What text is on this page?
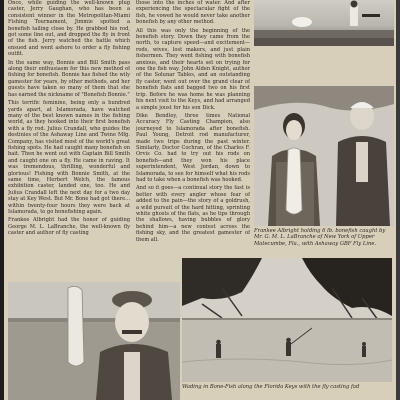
Once, while guiding the well-known plug caster, Jerry Gaughan, who has been a consistent winner in the Metropolitan-Miami Fishing Tournament, Jimmie spotted a bonefish tailing close by. He grabbed his rod, got some line out, and dropped the fly in front of the fish. Jerry watched the battle which ensued and went ashore to order a fly fishing outfit.

In the same way, Bonnie and Bill Smith pass along their enthusiasm for this new method of fishing for bonefish. Bonnie has fished the wily gamester for years, by other methods, and her guests have taken so many of them that she has earned the nickname of "Bonefish Bonnie."

This terrific feminine, being only a hundred yards apart, at Islamorada, have watched many of the best known names in the fishing world, as they hooked into their first bonefish with a fly rod. Julius Crandall, who guides the destinies of the Ashaway Line and Twine Mfg. Company, has visited most of the world's great fishing spots. He had caught many bonefish on bait. Then he went out with Captain Bill Smith and caught one on a fly. He came in raving. It was tremendous, thrilling, wonderful and glorious! Fishing with Bonnie Smith, at the same time, Herbert Welch, the famous exhibition caster, landed one, too. He and Julius Crandall left the next day for a two day stay at Key West. But Mr. Bone had got there... within twenty-four hours they were back at Islamorada, to go bonefishing again.

Frankee Albright had the honor of guiding George M. L. LaBranche, the well-known fly caster and author of fly casting

those into the inches of water. And after experiencing the spectacular fight of the fish, he vowed he would never take another bonefish by any other method.

All this was only the beginning of the bonefish story. Down they came from the north, to capture speed—and excitement—rods, wives, lost makers, and just plain fishermen. They went fishing with bonefish anxious, and their hearts set on trying for one the fish way. John Alden Knight, author of the Solunar Tables, and an outstanding fly caster, went out over the grand clear of bonefish flats and bagged two on his first trip. Before he was home he was planning his next visit to the Keys, and had arranged a simple joust for his son Dick.

Dike Bendley, three times National Accuracy Fly Casting Champion, also journeyed to Islamorada after bonefish. Paul Young, Detroit rod manufacturer, made two trips during the past winter. Similarly, Doctor Cochran, of the Charles F. Orvis Co. had to try out his rods on bonefish—and they won his place superintendent, West Jordan, down to Islamorada, to see for himself what his rods had to take when a bonefish was hooked.

And so it goes—a continual story the fast is better with every angler whose fear of added to the pain—the story of a goldrush, a wild pursuit of the hard hitting, sprinting white ghosts of the flats, as he tips through the shallows, having bubbles of glory behind him—a new contest across the fishing sky, and the greatest gamester of them all.

Frankee Albright holding 6 lb. bonefish caught by Mr. G. M. L. LaBranche of New York of Upper Matecumbe, Fla., with Ashaway GBF Fly Line.
Wading in Bone-Fish along the Florida Keys with the fly casting fad
